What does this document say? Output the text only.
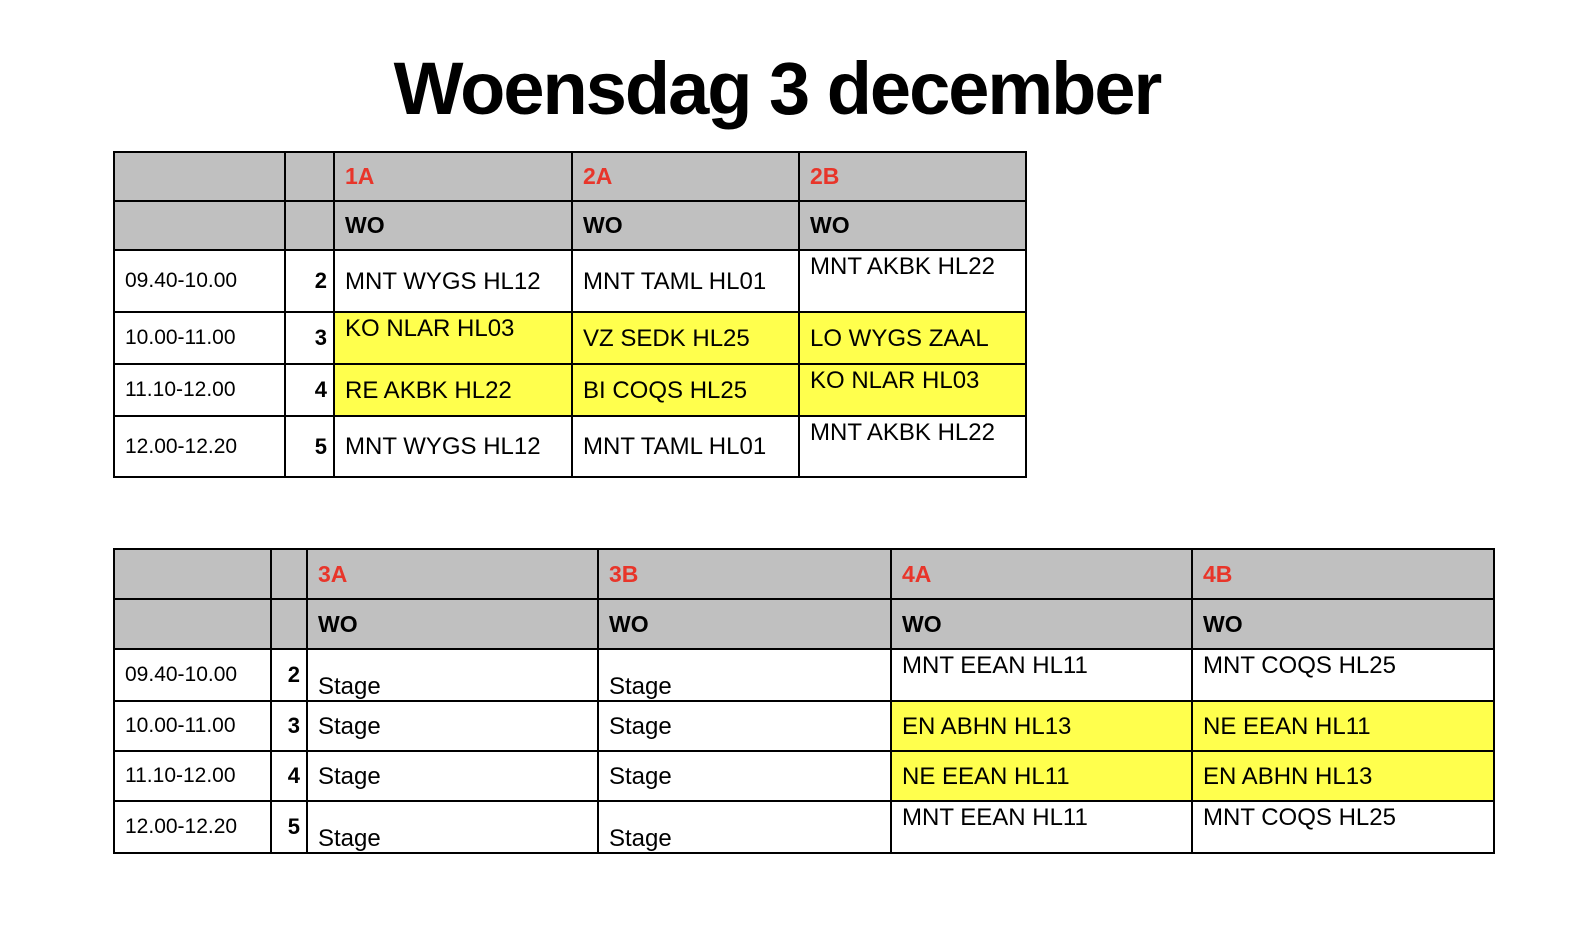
Woensdag 3 december
		1A	2A	2B
		WO	WO	WO
09.40-10.00	2	MNT WYGS HL12	MNT TAML HL01	MNT AKBK HL22
10.00-11.00	3	KO NLAR HL03	VZ SEDK HL25	LO WYGS ZAAL
11.10-12.00	4	RE AKBK HL22	BI COQS HL25	KO NLAR HL03
12.00-12.20	5	MNT WYGS HL12	MNT TAML HL01	MNT AKBK HL22
		3A	3B	4A	4B
		WO	WO	WO	WO
09.40-10.00	2	Stage	Stage	MNT EEAN HL11	MNT COQS HL25
10.00-11.00	3	Stage	Stage	EN ABHN HL13	NE EEAN HL11
11.10-12.00	4	Stage	Stage	NE EEAN HL11	EN ABHN HL13
12.00-12.20	5	Stage	Stage	MNT EEAN HL11	MNT COQS HL25
